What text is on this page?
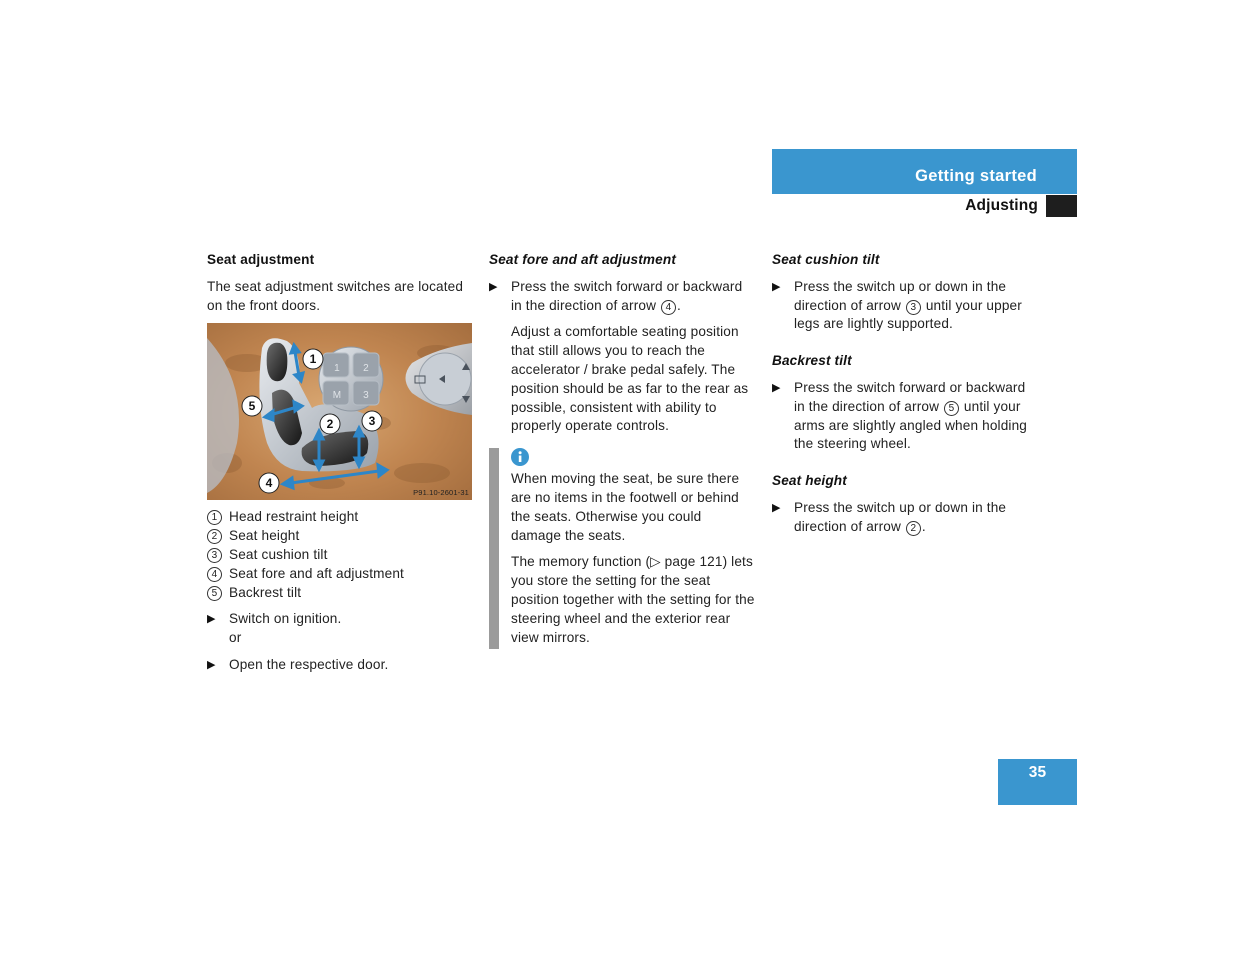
Getting started
Adjusting
Seat adjustment

The seat adjustment switches are located on the front doors.

1 2
M 3
1
2	3
4
5
P91.10-2601-31
1 Head restraint height
2 Seat height
3 Seat cushion tilt
4 Seat fore and aft adjustment
5 Backrest tilt
▶ Switch on ignition.
or
▶ Open the respective door.
Seat fore and aft adjustment
▶ Press the switch forward or backward in the direction of arrow 4 .

Adjust a comfortable seating position that still allows you to reach the accelerator / brake pedal safely. The position should be as far to the rear as possible, consistent with ability to properly operate controls.

When moving the seat, be sure there are no items in the footwell or behind the seats. Otherwise you could damage the seats.

The memory function (▷ page 121) lets you store the setting for the seat position together with the setting for the steering wheel and the exterior rear view mirrors.

Seat cushion tilt
▶ Press the switch up or down in the direction of arrow 3 until your upper legs are lightly supported.
Backrest tilt
▶ Press the switch forward or backward in the direction of arrow 5 until your arms are slightly angled when holding the steering wheel.
Seat height
▶ Press the switch up or down in the direction of arrow 2 .
35
